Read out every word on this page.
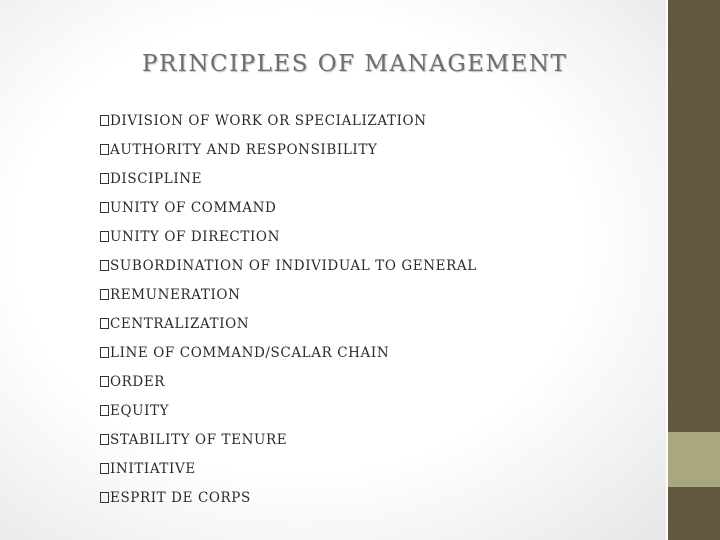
PRINCIPLES OF MANAGEMENT
DIVISION OF WORK OR SPECIALIZATION
AUTHORITY AND RESPONSIBILITY
DISCIPLINE
UNITY OF COMMAND
UNITY OF DIRECTION
SUBORDINATION OF INDIVIDUAL TO GENERAL
REMUNERATION
CENTRALIZATION
LINE OF COMMAND/SCALAR CHAIN
ORDER
EQUITY
STABILITY OF TENURE
INITIATIVE
ESPRIT DE CORPS
